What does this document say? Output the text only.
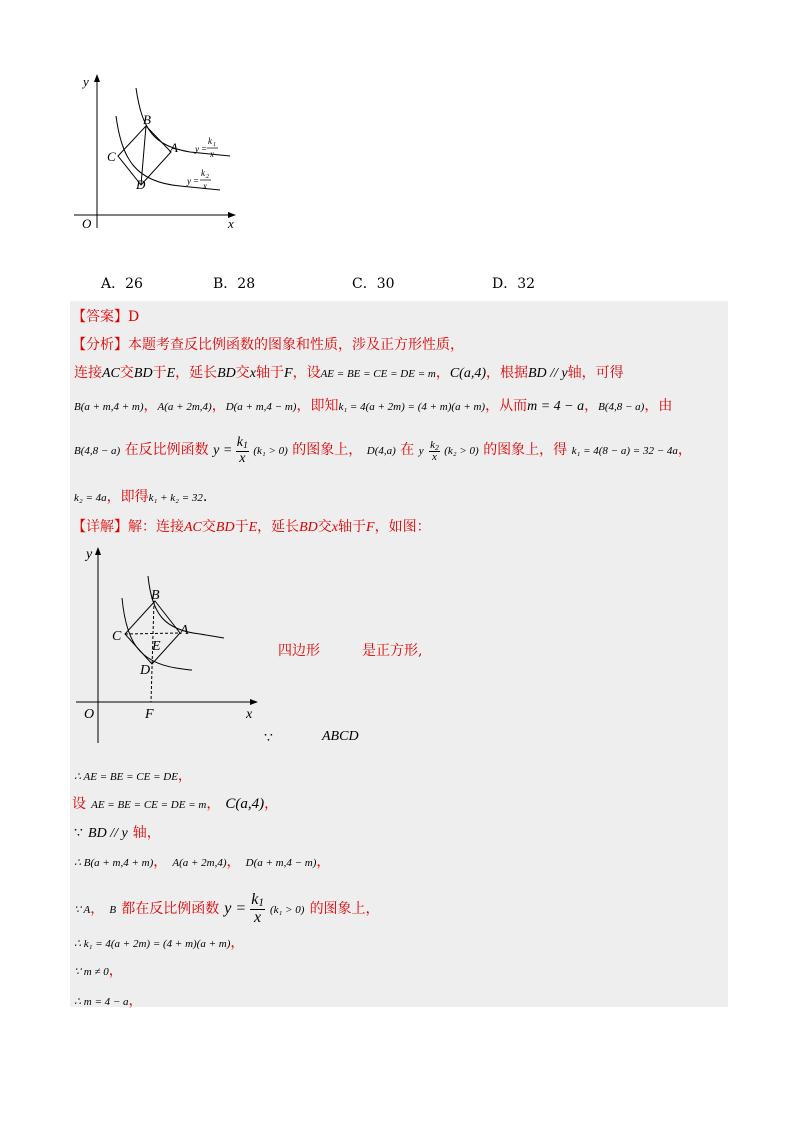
y
x
O
B
A
C
D
y =
k 1
x
y =
k 2
x
A．26	B．28	C．30	D．32
【答案】D
【分析】本题考查反比例函数的图象和性质，涉及正方形性质，
连接AC交BD于E，延长BD交x轴于F，设AE = BE = CE = DE = m，C(a,4)，根据BD // y轴，可得
B(a + m,4 + m)，A(a + 2m,4)，D(a + m,4 − m)，即知k₁ = 4(a + 2m) = (4 + m)(a + m)，从而m = 4 − a，B(4,8 − a)，由
B(4,8 − a) 在反比例函数 $y = \frac{k_1}{x} (k_1 > 0)$ 的图象上， D(4,a) 在 y $\frac{k_2}{x} (k_2 > 0)$ 的图象上，得 k₁ = 4(8 − a) = 32 − 4a，
k₂ = 4a，即得k₁ + k₂ = 32.
【详解】解：连接AC交BD于E，延长BD交x轴于F，如图：
y
x
O	F
B
A
C
E
D
四边形	是正方形,
∵	ABCD
∴ AE = BE = CE = DE，
设 AE = BE = CE = DE = m， C(a,4)，
∵ BD // y 轴，
∴ B(a + m,4 + m)， A(a + 2m,4)， D(a + m,4 − m)，
∵ A， B 都在反比例函数 $y = \frac{k1}{x} (k_1 > 0)$ 的图象上，
∴ k₁ = 4(a + 2m) = (4 + m)(a + m)，
∵ m ≠ 0，
∴ m = 4 − a，
